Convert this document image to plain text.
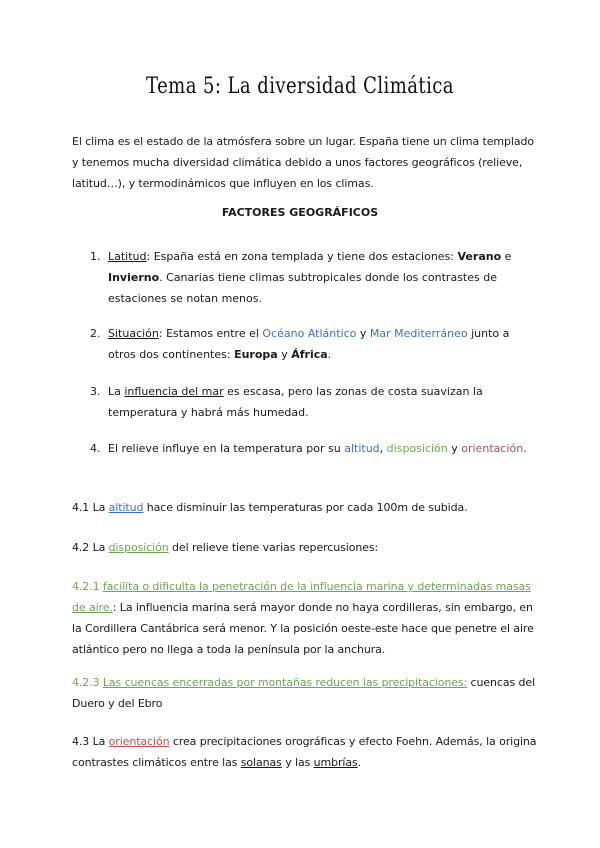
Tema 5: La diversidad Climática
El clima es el estado de la atmósfera sobre un lugar. España tiene un clima templado y tenemos mucha diversidad climática debido a unos factores geográficos (relieve, latitud…), y termodinámicos que influyen en los climas.
FACTORES GEOGRÁFICOS
1. Latitud: España está en zona templada y tiene dos estaciones: Verano e Invierno. Canarias tiene climas subtropicales donde los contrastes de estaciones se notan menos.
2. Situación: Estamos entre el Océano Atlántico y Mar Mediterráneo junto a otros dos continentes: Europa y África.
3. La influencia del mar es escasa, pero las zonas de costa suavizan la temperatura y habrá más humedad.
4. El relieve influye en la temperatura por su altitud, disposición y orientación.
4.1 La altitud hace disminuir las temperaturas por cada 100m de subida.
4.2 La disposición del relieve tiene varias repercusiones:
4.2.1 facilita o dificulta la penetración de la influencia marina y determinadas masas de aire.: La influencia marina será mayor donde no haya cordilleras, sin embargo, en la Cordillera Cantábrica será menor. Y la posición oeste-este hace que penetre el aire atlántico pero no llega a toda la península por la anchura.
4.2.3 Las cuencas encerradas por montañas reducen las precipitaciones: cuencas del Duero y del Ebro
4.3 La orientación crea precipitaciones orográficas y efecto Foehn. Además, la origina contrastes climáticos entre las solanas y las umbrías.
